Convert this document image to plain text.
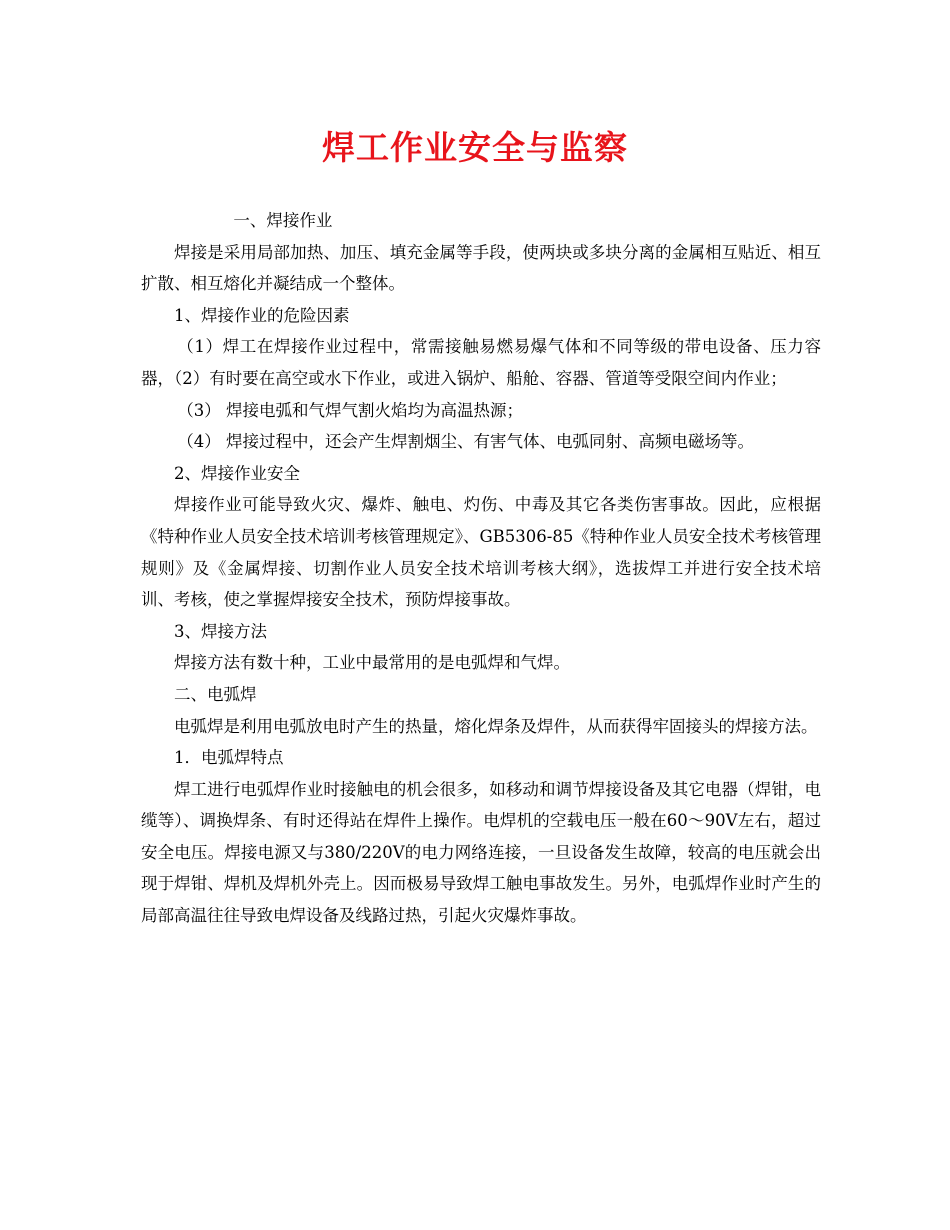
焊工作业安全与监察

一、焊接作业

焊接是采用局部加热、加压、填充金属等手段，使两块或多块分离的金属相互贴近、相互扩散、相互熔化并凝结成一个整体。

1、焊接作业的危险因素

（1）焊工在焊接作业过程中，常需接触易燃易爆气体和不同等级的带电设备、压力容器，（2）有时要在高空或水下作业，或进入锅炉、船舱、容器、管道等受限空间内作业；

（3） 焊接电弧和气焊气割火焰均为高温热源；

（4） 焊接过程中，还会产生焊割烟尘、有害气体、电弧同射、高频电磁场等。

2、焊接作业安全

焊接作业可能导致火灾、爆炸、触电、灼伤、中毒及其它各类伤害事故。因此，应根据《特种作业人员安全技术培训考核管理规定》、GB5306-85《特种作业人员安全技术考核管理规则》及《金属焊接、切割作业人员安全技术培训考核大纲》，选拔焊工并进行安全技术培训、考核，使之掌握焊接安全技术，预防焊接事故。

3、焊接方法

焊接方法有数十种，工业中最常用的是电弧焊和气焊。

二、电弧焊

电弧焊是利用电弧放电时产生的热量，熔化焊条及焊件，从而获得牢固接头的焊接方法。

1．电弧焊特点

焊工进行电弧焊作业时接触电的机会很多，如移动和调节焊接设备及其它电器（焊钳，电缆等）、调换焊条、有时还得站在焊件上操作。电焊机的空载电压一般在60～90V左右，超过安全电压。焊接电源又与380/220V的电力网络连接，一旦设备发生故障，较高的电压就会出现于焊钳、焊机及焊机外壳上。因而极易导致焊工触电事故发生。另外，电弧焊作业时产生的局部高温往往导致电焊设备及线路过热，引起火灾爆炸事故。
